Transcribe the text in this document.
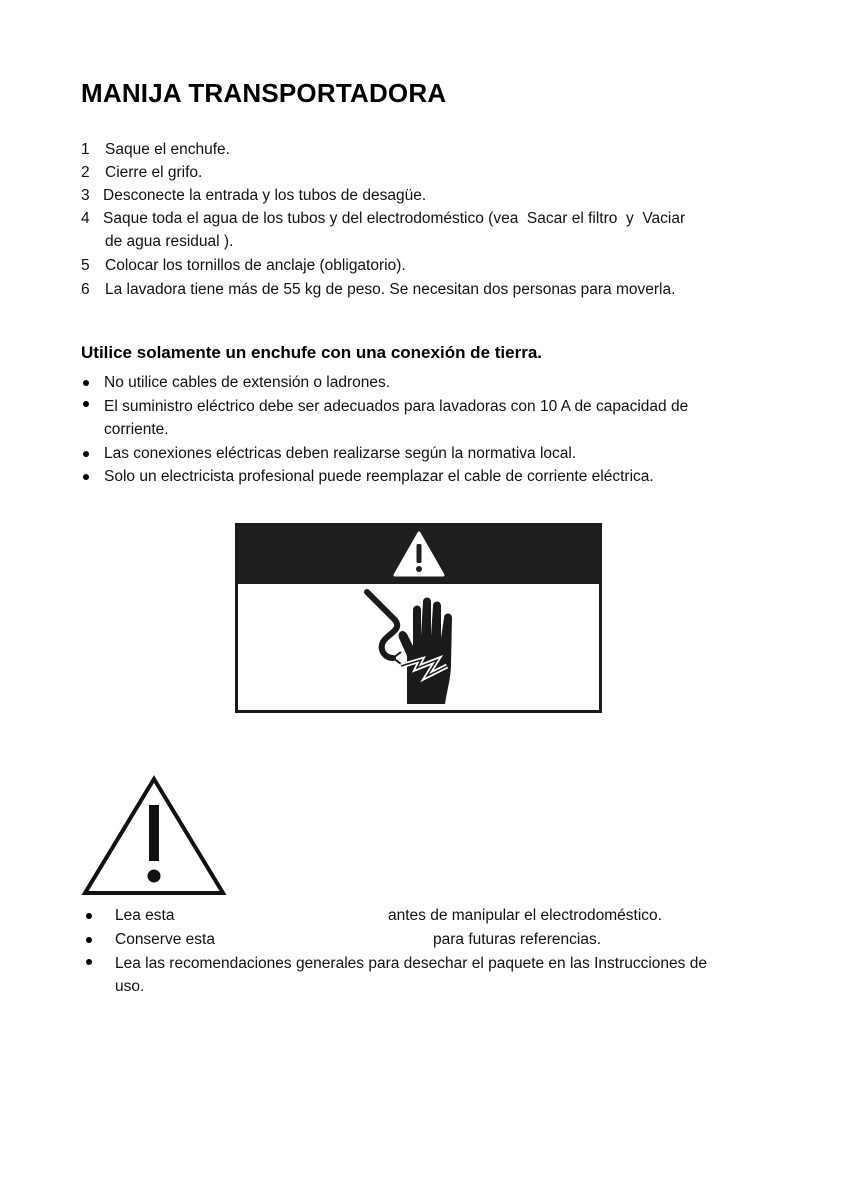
MANIJA TRANSPORTADORA
1 Saque el enchufe.
2 Cierre el grifo.
3 Desconecte la entrada y los tubos de desagüe.
4 Saque toda el agua de los tubos y del electrodoméstico (vea  Sacar el filtro  y  Vaciar
de agua residual ).
5 Colocar los tornillos de anclaje (obligatorio).
6 La lavadora tiene más de 55 kg de peso. Se necesitan dos personas para moverla.
Utilice solamente un enchufe con una conexión de tierra.
No utilice cables de extensión o ladrones.
El suministro eléctrico debe ser adecuados para lavadoras con 10 A de capacidad de
corriente.
Las conexiones eléctricas deben realizarse según la normativa local.
Solo un electricista profesional puede reemplazar el cable de corriente eléctrica.
Lea esta	antes de manipular el electrodoméstico.
Conserve esta	para futuras referencias.
Lea las recomendaciones generales para desechar el paquete en las Instrucciones de
uso.
